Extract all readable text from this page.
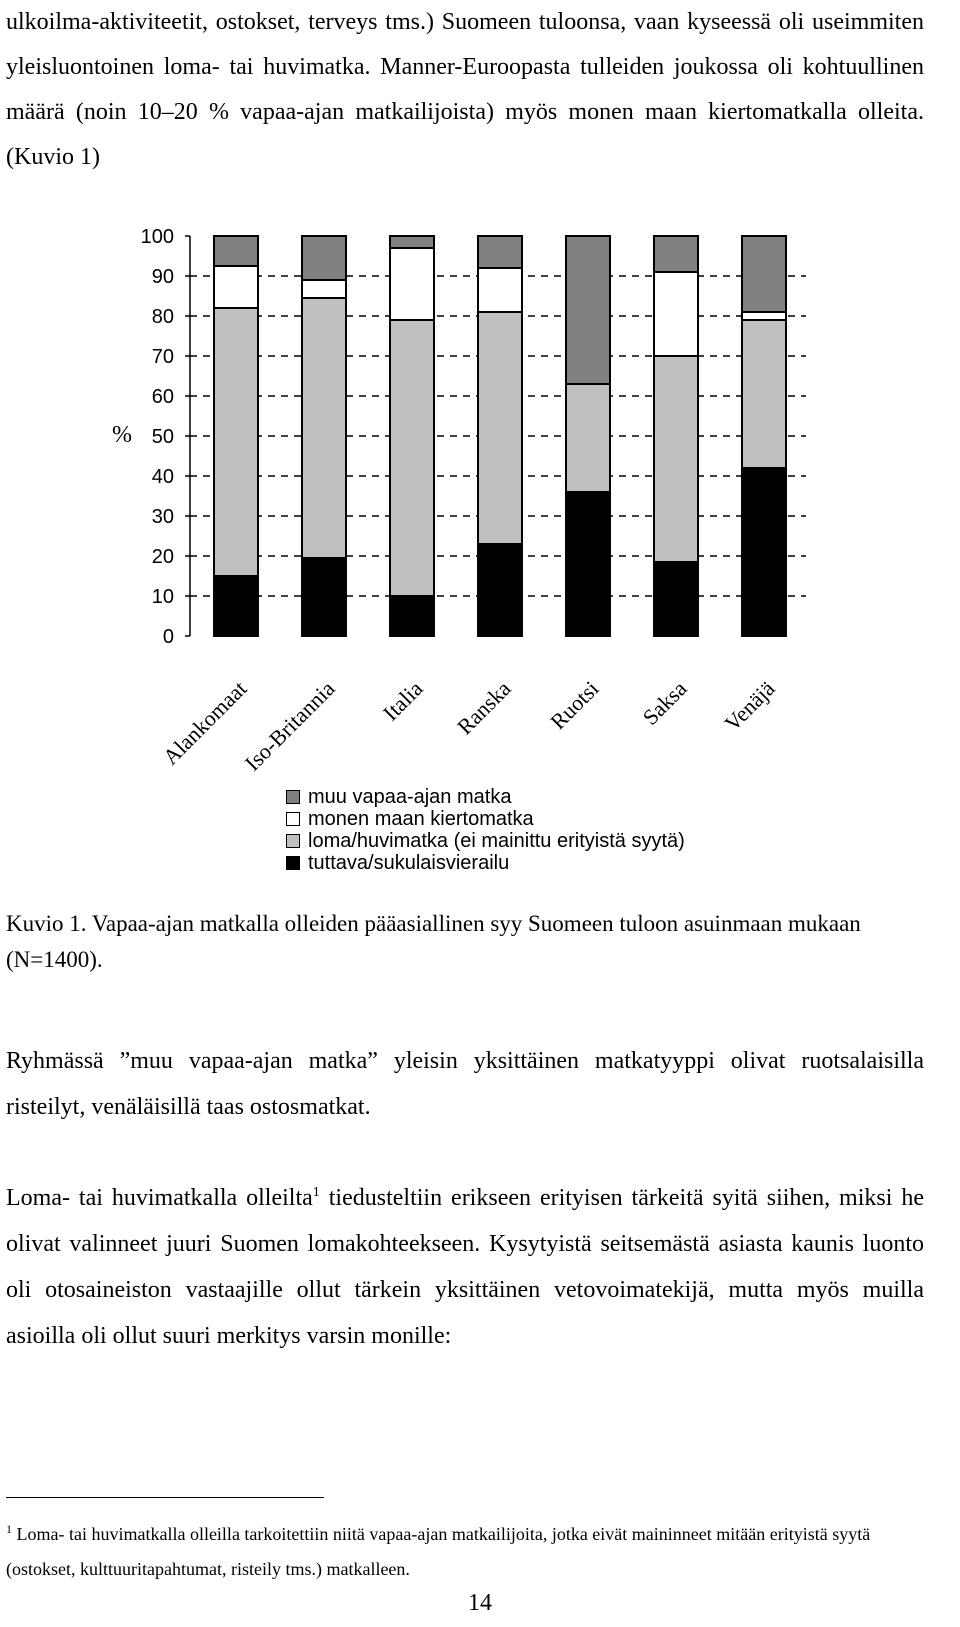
ulkoilma-aktiviteetit, ostokset, terveys tms.) Suomeen tuloonsa, vaan kyseessä oli useimmiten yleisluontoinen loma- tai huvimatka. Manner-Euroopasta tulleiden joukossa oli kohtuullinen määrä (noin 10–20 % vapaa-ajan matkailijoista) myös monen maan kiertomatkalla olleita. (Kuvio 1)

0
10
20
30
40
50
60
70
80
90
100
%
Alankomaat
Iso-Britannia Italia Ranska Ruotsi Saksa Venäjä
muu vapaa-ajan matka
monen maan kiertomatka
loma/huvimatka (ei mainittu erityistä syytä)
tuttava/sukulaisvierailu

Kuvio 1. Vapaa-ajan matkalla olleiden pääasiallinen syy Suomeen tuloon asuinmaan mukaan (N=1400).

Ryhmässä ”muu vapaa-ajan matka” yleisin yksittäinen matkatyyppi olivat ruotsalaisilla risteilyt, venäläisillä taas ostosmatkat.

Loma- tai huvimatkalla olleilta$^1$ tiedusteltiin erikseen erityisen tärkeitä syitä siihen, miksi he olivat valinneet juuri Suomen lomakohteekseen. Kysytyistä seitsemästä asiasta kaunis luonto oli otosaineiston vastaajille ollut tärkein yksittäinen vetovoimatekijä, mutta myös muilla asioilla oli ollut suuri merkitys varsin monille:

$^1$ Loma- tai huvimatkalla olleilla tarkoitettiin niitä vapaa-ajan matkailijoita, jotka eivät maininneet mitään erityistä syytä (ostokset, kulttuuritapahtumat, risteily tms.) matkalleen.

14
